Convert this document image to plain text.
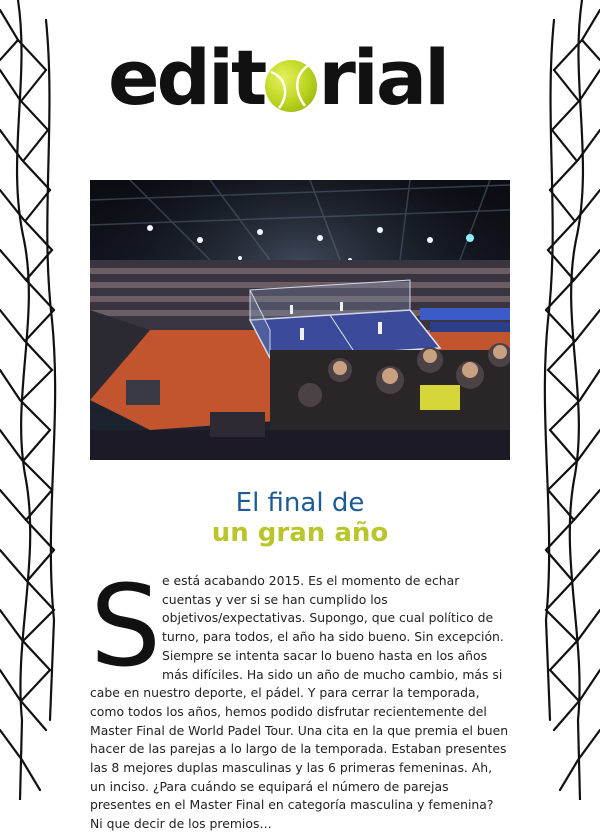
edit rial
El final de
un gran año
S e está acabando 2015. Es el momento de echar cuentas y ver si se han cumplido los objetivos/expectativas. Supongo, que cual político de turno, para todos, el año ha sido bueno. Sin excepción. Siempre se intenta sacar lo bueno hasta en los años más difíciles. Ha sido un año de mucho cambio, más si cabe en nuestro deporte, el pádel. Y para cerrar la temporada, como todos los años, hemos podido disfrutar recientemente del Master Final de World Padel Tour. Una cita en la que premia el buen hacer de las parejas a lo largo de la temporada. Estaban presentes las 8 mejores duplas masculinas y las 6 primeras femeninas. Ah, un inciso. ¿Para cuándo se equipará el número de parejas presentes en el Master Final en categoría masculina y femenina? Ni que decir de los premios…
